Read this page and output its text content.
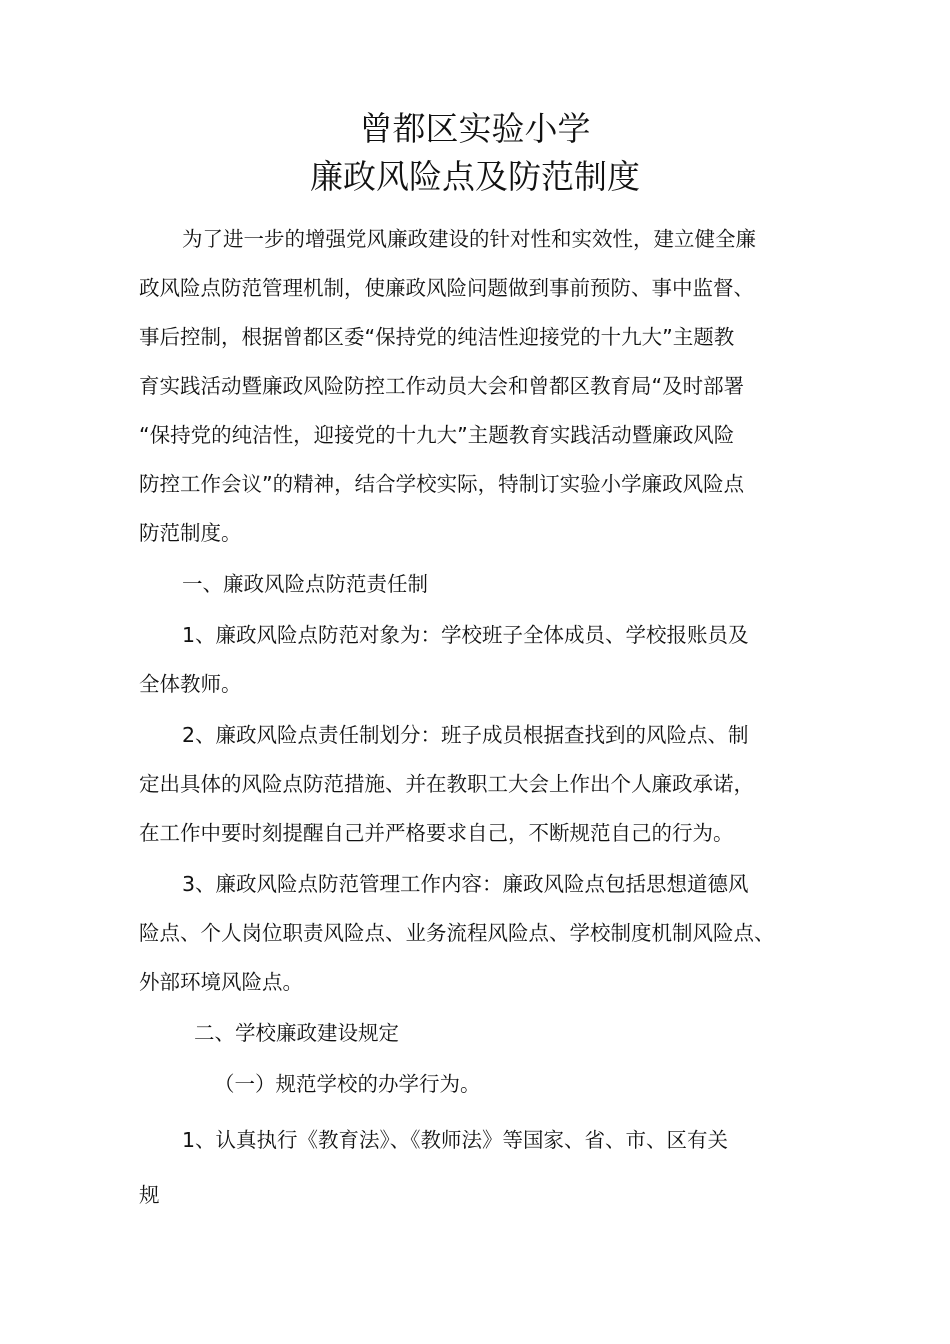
曾都区实验小学
廉政风险点及防范制度
为了进一步的增强党风廉政建设的针对性和实效性，建立健全廉
政风险点防范管理机制，使廉政风险问题做到事前预防、事中监督、
事后控制，根据曾都区委“保持党的纯洁性迎接党的十九大”主题教
育实践活动暨廉政风险防控工作动员大会和曾都区教育局“及时部署
“保持党的纯洁性，迎接党的十九大”主题教育实践活动暨廉政风险
防控工作会议”的精神，结合学校实际，特制订实验小学廉政风险点
防范制度。
一、廉政风险点防范责任制
1、廉政风险点防范对象为：学校班子全体成员、学校报账员及
全体教师。
2、廉政风险点责任制划分：班子成员根据查找到的风险点、制
定出具体的风险点防范措施、并在教职工大会上作出个人廉政承诺，
在工作中要时刻提醒自己并严格要求自己，不断规范自己的行为。
3、廉政风险点防范管理工作内容：廉政风险点包括思想道德风
险点、个人岗位职责风险点、业务流程风险点、学校制度机制风险点、
外部环境风险点。
二、学校廉政建设规定
（一）规范学校的办学行为。
1、认真执行《教育法》、《教师法》等国家、省、市、区有关
规
